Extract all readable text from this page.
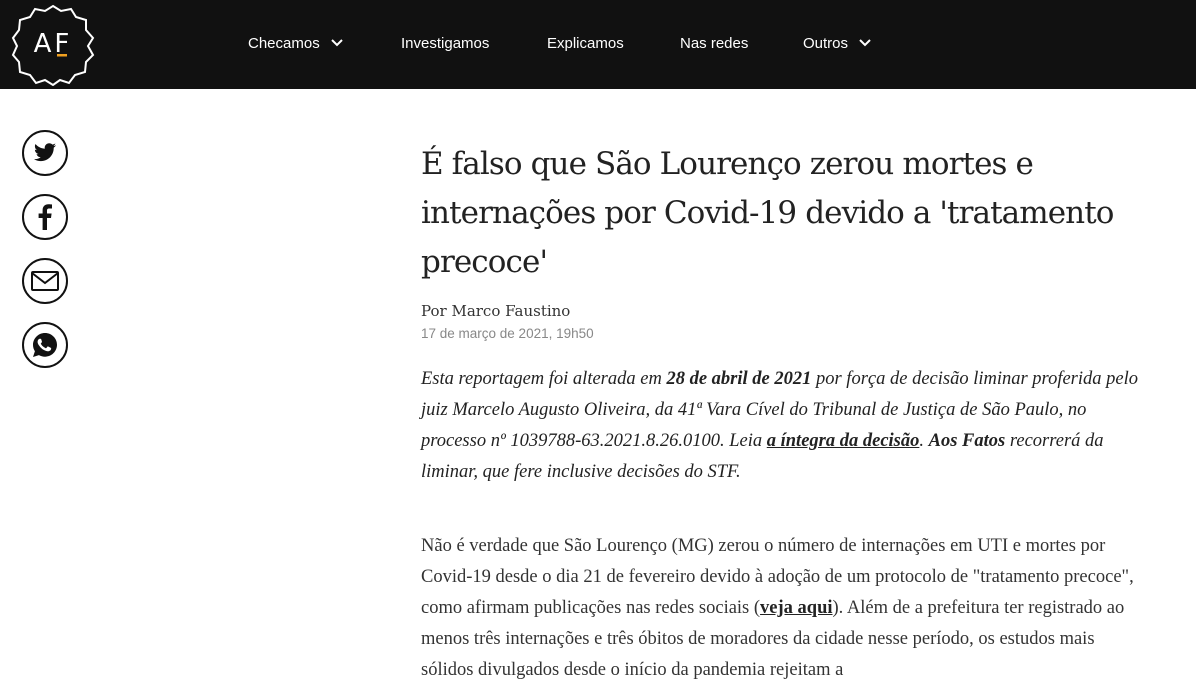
AF	Checamos	Investigamos	Explicamos	Nas redes	Outros
É falso que São Lourenço zerou mortes e internações por Covid-19 devido a 'tratamento precoce'
Por Marco Faustino
17 de março de 2021, 19h50

Esta reportagem foi alterada em 28 de abril de 2021 por força de decisão liminar proferida pelo juiz Marcelo Augusto Oliveira, da 41ª Vara Cível do Tribunal de Justiça de São Paulo, no processo nº 1039788-63.2021.8.26.0100. Leia a íntegra da decisão. Aos Fatos recorrerá da liminar, que fere inclusive decisões do STF.

Não é verdade que São Lourenço (MG) zerou o número de internações em UTI e mortes por Covid-19 desde o dia 21 de fevereiro devido à adoção de um protocolo de "tratamento precoce", como afirmam publicações nas redes sociais (veja aqui). Além de a prefeitura ter registrado ao menos três internações e três óbitos de moradores da cidade nesse período, os estudos mais sólidos divulgados desde o início da pandemia rejeitam a
